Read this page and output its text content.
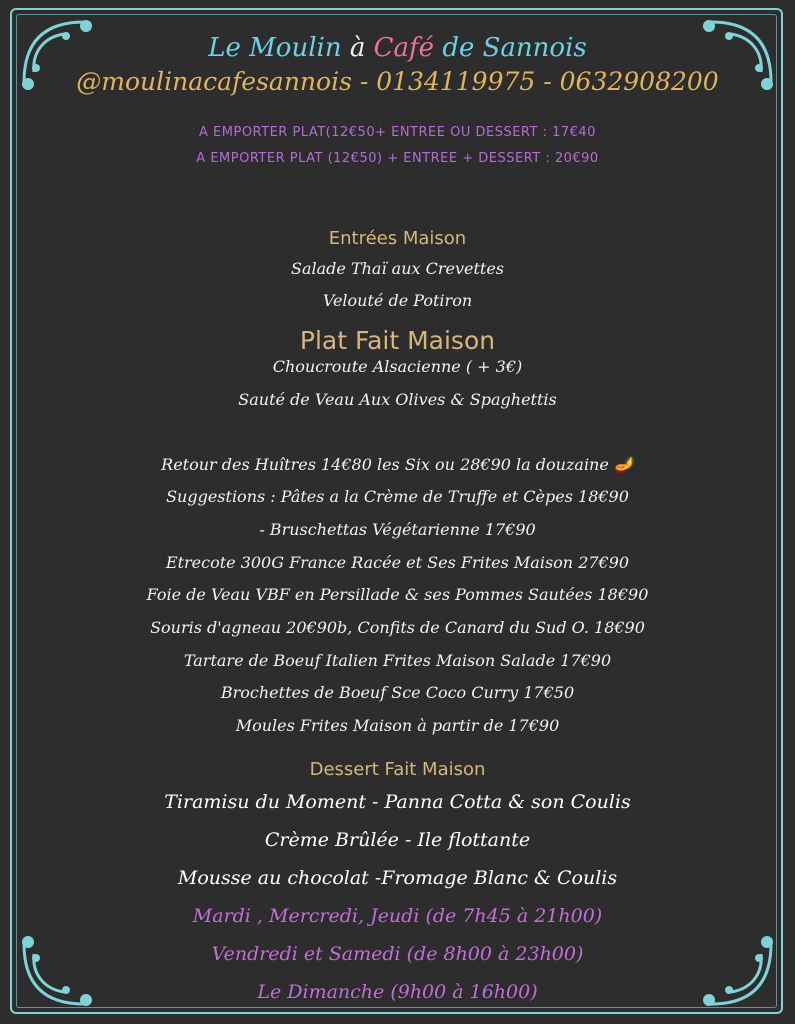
Le Moulin à Café de Sannois
@moulinacafesannois - 0134119975 - 0632908200
A EMPORTER PLAT(12€50+ ENTREE OU DESSERT : 17€40
A EMPORTER PLAT (12€50) + ENTREE + DESSERT : 20€90
Entrées Maison
Salade Thaï aux Crevettes
Velouté de Potiron
Plat Fait Maison
Choucroute Alsacienne ( + 3€)
Sauté de Veau Aux Olives & Spaghettis
Retour des Huîtres 14€80 les Six ou 28€90 la douzaine 🪔
Suggestions : Pâtes a la Crème de Truffe et Cèpes 18€90
- Bruschettas Végétarienne 17€90
Etrecote 300G France Racée et Ses Frites Maison 27€90
Foie de Veau VBF en Persillade & ses Pommes Sautées 18€90
Souris d'agneau 20€90b, Confits de Canard du Sud O. 18€90
Tartare de Boeuf Italien Frites Maison Salade 17€90
Brochettes de Boeuf Sce Coco Curry 17€50
Moules Frites Maison à partir de 17€90
Dessert Fait Maison
Tiramisu du Moment - Panna Cotta & son Coulis
Crème Brûlée - Ile flottante
Mousse au chocolat -Fromage Blanc & Coulis
Mardi , Mercredi, Jeudi (de 7h45 à 21h00)
Vendredi et Samedi (de 8h00 à 23h00)
Le Dimanche (9h00 à 16h00)
